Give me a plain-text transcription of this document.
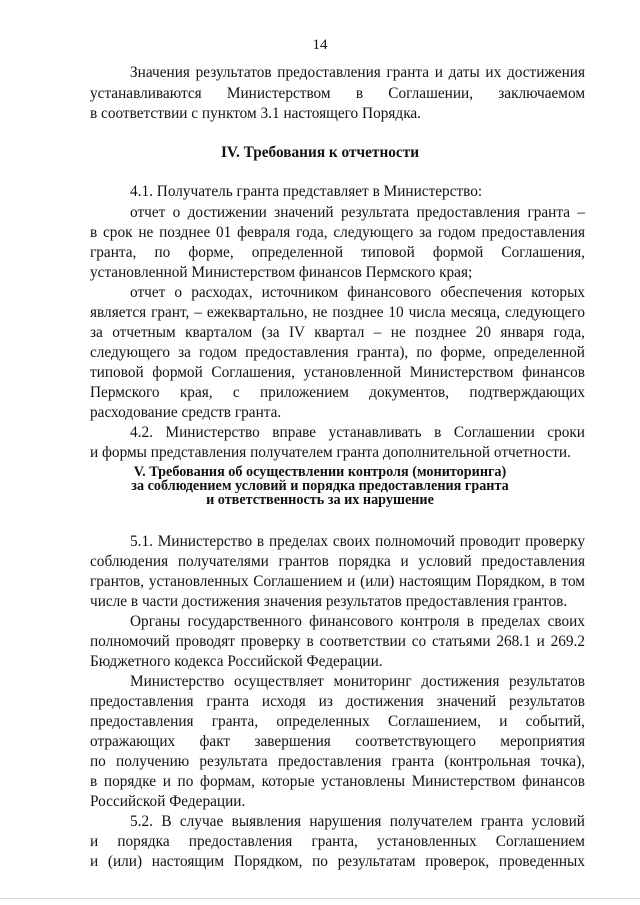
14
Значения результатов предоставления гранта и даты их достижения
устанавливаются Министерством в Соглашении, заключаемом
в соответствии с пунктом 3.1 настоящего Порядка.
IV. Требования к отчетности
4.1. Получатель гранта представляет в Министерство:
отчет о достижении значений результата предоставления гранта –
в срок не позднее 01 февраля года, следующего за годом предоставления
гранта, по форме, определенной типовой формой Соглашения,
установленной Министерством финансов Пермского края;
отчет о расходах, источником финансового обеспечения которых
является грант, – ежеквартально, не позднее 10 числа месяца, следующего
за отчетным кварталом (за IV квартал – не позднее 20 января года,
следующего за годом предоставления гранта), по форме, определенной
типовой формой Соглашения, установленной Министерством финансов
Пермского края, с приложением документов, подтверждающих
расходование средств гранта.
4.2. Министерство вправе устанавливать в Соглашении сроки
и формы представления получателем гранта дополнительной отчетности.
V. Требования об осуществлении контроля (мониторинга)
за соблюдением условий и порядка предоставления гранта
и ответственность за их нарушение
5.1. Министерство в пределах своих полномочий проводит проверку
соблюдения получателями грантов порядка и условий предоставления
грантов, установленных Соглашением и (или) настоящим Порядком, в том
числе в части достижения значения результатов предоставления грантов.
Органы государственного финансового контроля в пределах своих
полномочий проводят проверку в соответствии со статьями 268.1 и 269.2
Бюджетного кодекса Российской Федерации.
Министерство осуществляет мониторинг достижения результатов
предоставления гранта исходя из достижения значений результатов
предоставления гранта, определенных Соглашением, и событий,
отражающих факт завершения соответствующего мероприятия
по получению результата предоставления гранта (контрольная точка),
в порядке и по формам, которые установлены Министерством финансов
Российской Федерации.
5.2. В случае выявления нарушения получателем гранта условий
и порядка предоставления гранта, установленных Соглашением
и (или) настоящим Порядком, по результатам проверок, проведенных
